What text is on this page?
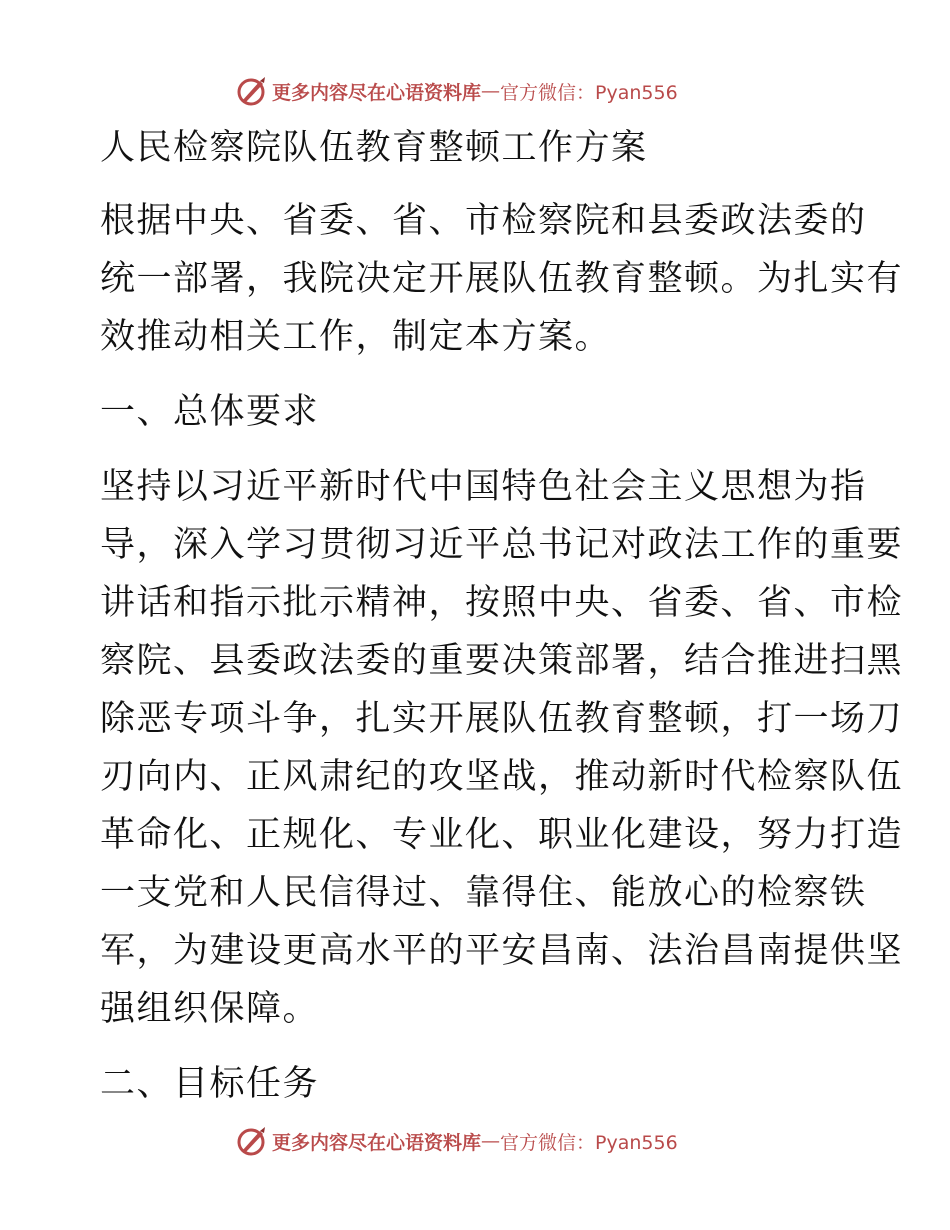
更多内容尽在心语资料库 — 官方微信：Pyan556
人民检察院队伍教育整顿工作方案
根据中央、省委、省、市检察院和县委政法委的
统一部署，我院决定开展队伍教育整顿。为扎实有
效推动相关工作，制定本方案。
一、总体要求
坚持以习近平新时代中国特色社会主义思想为指
导，深入学习贯彻习近平总书记对政法工作的重要
讲话和指示批示精神，按照中央、省委、省、市检
察院、县委政法委的重要决策部署，结合推进扫黑
除恶专项斗争，扎实开展队伍教育整顿，打一场刀
刃向内、正风肃纪的攻坚战，推动新时代检察队伍
革命化、正规化、专业化、职业化建设，努力打造
一支党和人民信得过、靠得住、能放心的检察铁
军，为建设更高水平的平安昌南、法治昌南提供坚
强组织保障。
二、目标任务
更多内容尽在心语资料库 — 官方微信：Pyan556
